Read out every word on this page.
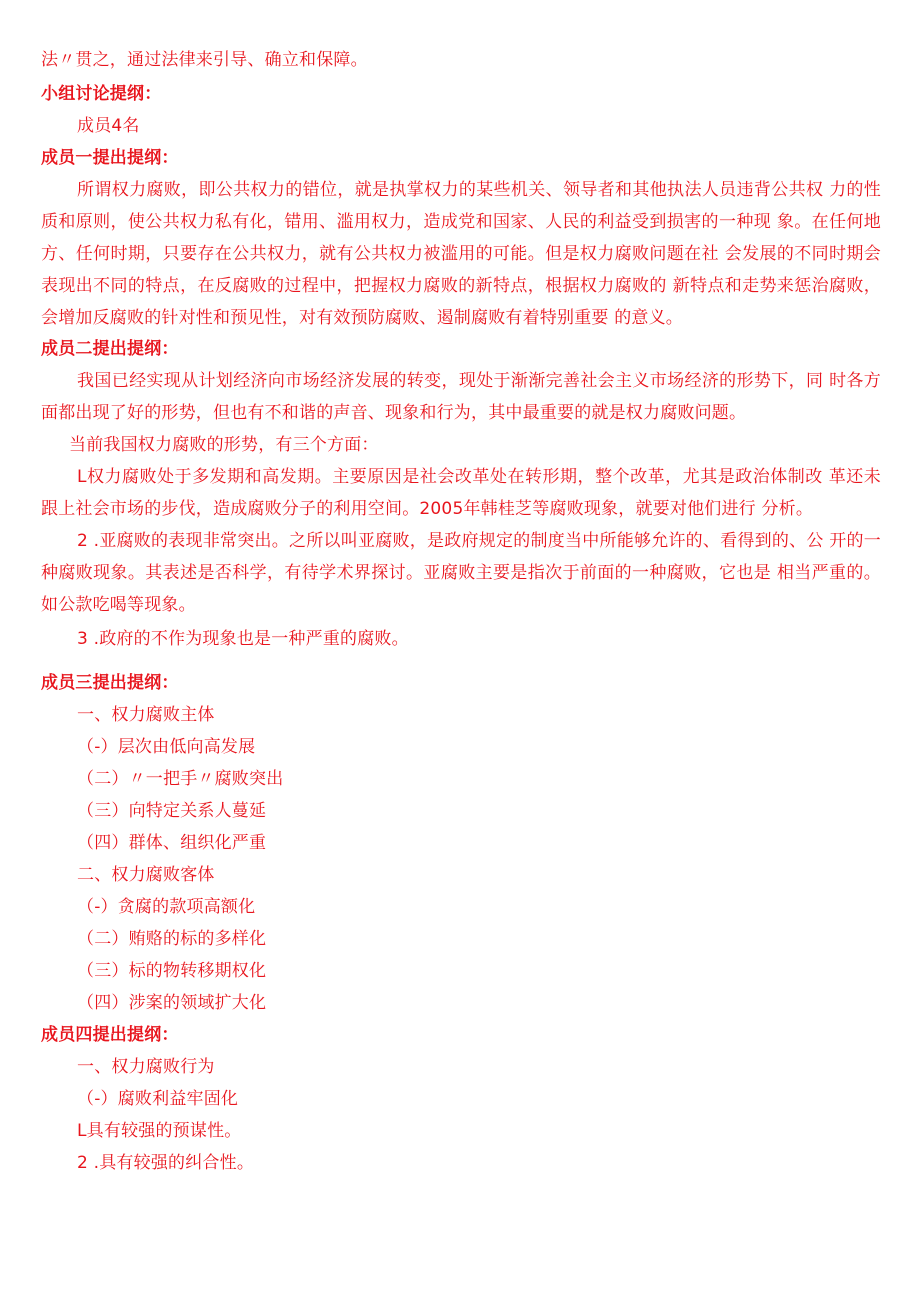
法〃贯之，通过法律来引导、确立和保障。
小组讨论提纲：
成员4名
成员一提出提纲：
所谓权力腐败，即公共权力的错位，就是执掌权力的某些机关、领导者和其他执法人员违背公共权 力的性质和原则，使公共权力私有化，错用、滥用权力，造成党和国家、人民的利益受到损害的一种现 象。在任何地方、任何时期，只要存在公共权力，就有公共权力被滥用的可能。但是权力腐败问题在社 会发展的不同时期会表现出不同的特点，在反腐败的过程中，把握权力腐败的新特点，根据权力腐败的 新特点和走势来惩治腐败，会增加反腐败的针对性和预见性，对有效预防腐败、遏制腐败有着特别重要 的意义。
成员二提出提纲：
我国已经实现从计划经济向市场经济发展的转变，现处于渐渐完善社会主义市场经济的形势下，同 时各方面都出现了好的形势，但也有不和谐的声音、现象和行为，其中最重要的就是权力腐败问题。
当前我国权力腐败的形势，有三个方面：
L权力腐败处于多发期和高发期。主要原因是社会改革处在转形期，整个改革，尤其是政治体制改 革还未跟上社会市场的步伐，造成腐败分子的利用空间。2005年韩桂芝等腐败现象，就要对他们进行 分析。
2 .亚腐败的表现非常突出。之所以叫亚腐败，是政府规定的制度当中所能够允许的、看得到的、公 开的一种腐败现象。其表述是否科学，有待学术界探讨。亚腐败主要是指次于前面的一种腐败，它也是 相当严重的。如公款吃喝等现象。
3 .政府的不作为现象也是一种严重的腐败。
成员三提出提纲：
一、权力腐败主体
（-）层次由低向高发展
（二）〃一把手〃腐败突出
（三）向特定关系人蔓延
（四）群体、组织化严重
二、权力腐败客体
（-）贪腐的款项高额化
（二）贿赂的标的多样化
（三）标的物转移期权化
（四）涉案的领域扩大化
成员四提出提纲：
一、权力腐败行为
（-）腐败利益牢固化
L具有较强的预谋性。
2 .具有较强的纠合性。
